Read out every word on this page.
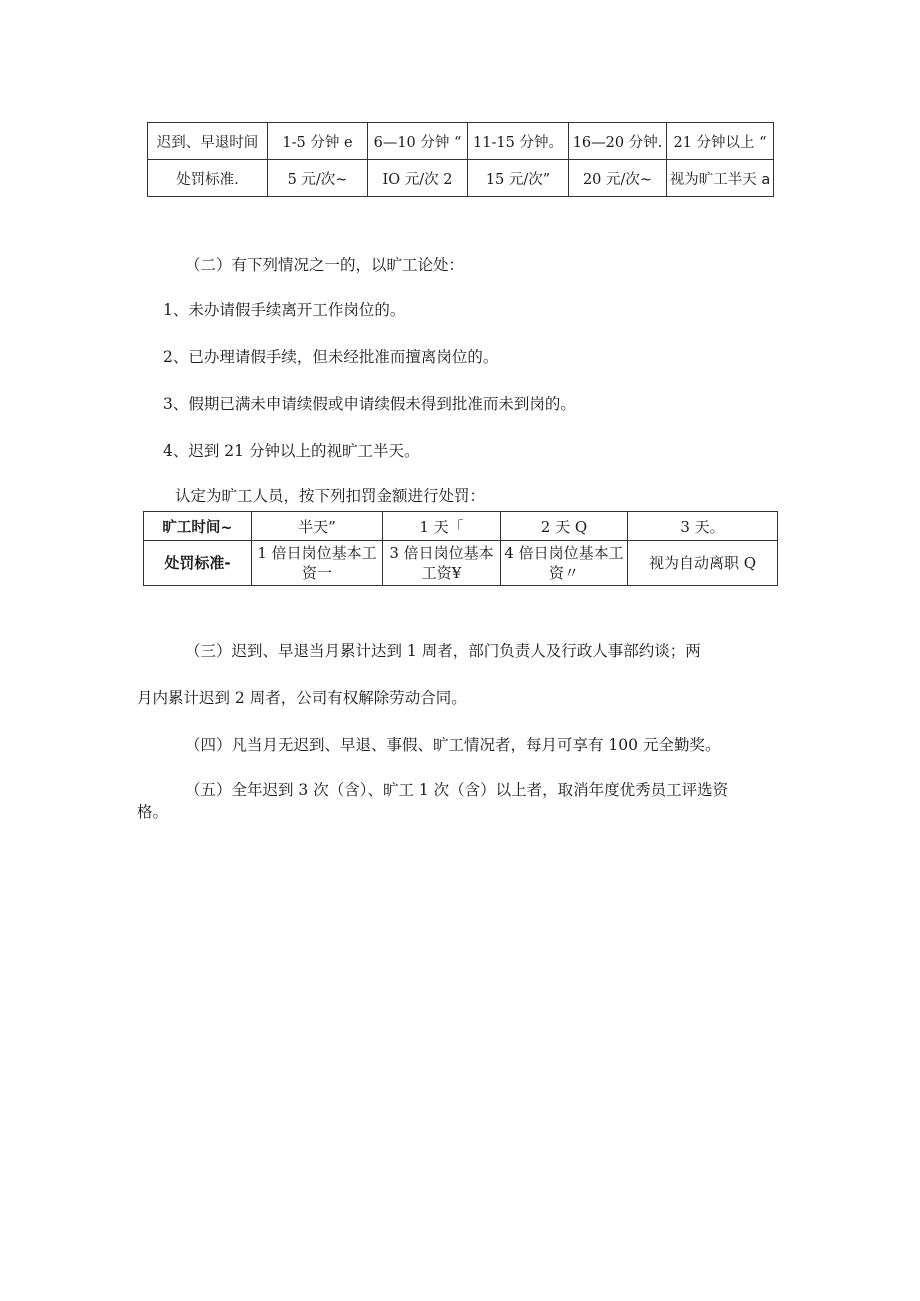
迟到、早退时间	1-5 分钟 e	6—10 分钟 “	11-15 分钟。	16—20 分钟.	21 分钟以上 “
处罚标准.	5 元/次~	IO 元/次 2	15 元/次”	20 元/次~	视为旷工半天 a
（二）有下列情况之一的，以旷工论处：
1、未办请假手续离开工作岗位的。
2、已办理请假手续，但未经批准而擅离岗位的。
3、假期已满未申请续假或申请续假未得到批准而未到岗的。
4、迟到 21 分钟以上的视旷工半天。
认定为旷工人员，按下列扣罚金额进行处罚：
旷工时间~	半天”	1 天「	2 天 Q	3 天。
处罚标准-	1 倍日岗位基本工资一	3 倍日岗位基本工资¥	4 倍日岗位基本工资〃	视为自动离职 Q
（三）迟到、早退当月累计达到 1 周者，部门负责人及行政人事部约谈；两
月内累计迟到 2 周者，公司有权解除劳动合同。
（四）凡当月无迟到、早退、事假、旷工情况者，每月可享有 100 元全勤奖。
（五）全年迟到 3 次（含）、旷工 1 次（含）以上者，取消年度优秀员工评选资
格。
